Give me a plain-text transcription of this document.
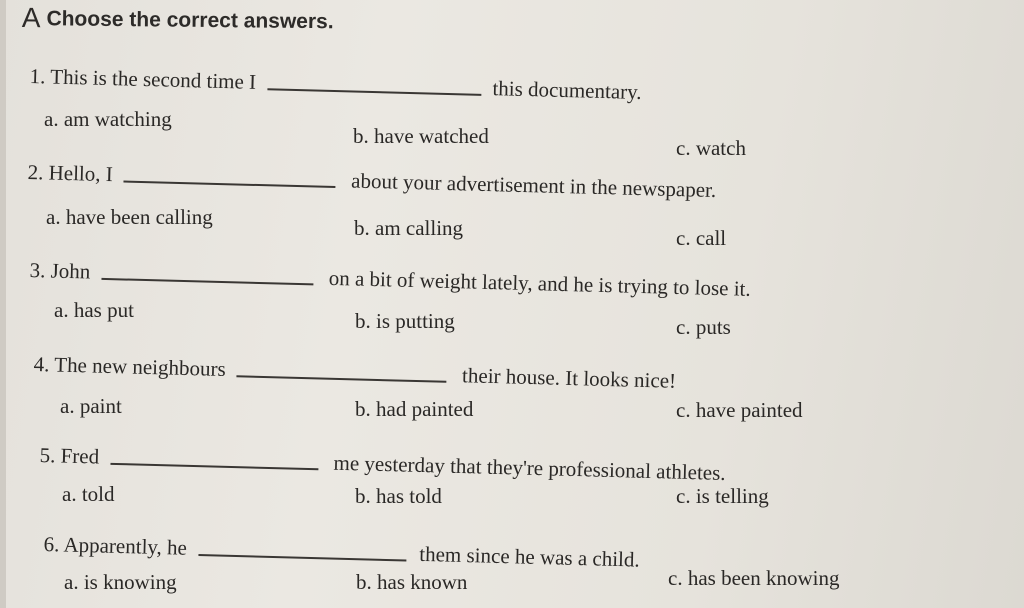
A Choose the correct answers.
1. This is the second time I	this documentary.
a. am watching
b. have watched	c. watch
2. Hello, I	about your advertisement in the newspaper.
a. have been calling	b. am calling	c. call
3. John	on a bit of weight lately, and he is trying to lose it.
a. has put	b. is putting	c. puts
4. The new neighbours	their house. It looks nice!
a. paint	b. had painted	c. have painted
5. Fred	me yesterday that they're professional athletes.
a. told	b. has told	c. is telling
6. Apparently, he	them since he was a child.
a. is knowing	b. has known	c. has been knowing
